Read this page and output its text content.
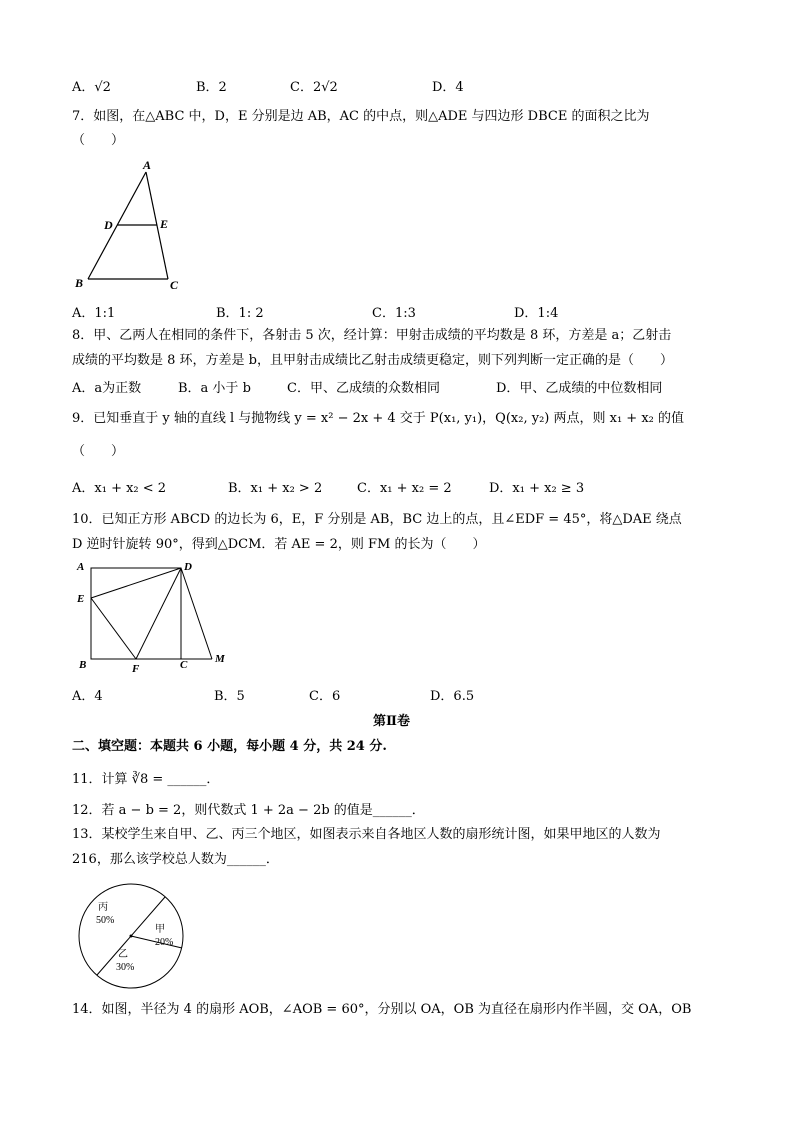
A．√2	B．2	C．2√2	D．4
7．如图，在△ABC 中，D，E 分别是边 AB，AC 的中点，则△ADE 与四边形 DBCE 的面积之比为
（　　）
A
D	E
B	C
A．1:1	B．1: 2	C．1:3	D．1:4
8．甲、乙两人在相同的条件下，各射击 5 次，经计算：甲射击成绩的平均数是 8 环，方差是 a；乙射击
成绩的平均数是 8 环，方差是 b，且甲射击成绩比乙射击成绩更稳定，则下列判断一定正确的是（　　）
A．a为正数	B．a 小于 b	C．甲、乙成绩的众数相同	D．甲、乙成绩的中位数相同
9．已知垂直于 y 轴的直线 l 与抛物线 y = x² − 2x + 4 交于 P(x₁, y₁)，Q(x₂, y₂) 两点，则 x₁ + x₂ 的值
（　　）
A．x₁ + x₂ < 2	B．x₁ + x₂ > 2	C．x₁ + x₂ = 2	D．x₁ + x₂ ≥ 3
10．已知正方形 ABCD 的边长为 6，E，F 分别是 AB，BC 边上的点，且∠EDF = 45°，将△DAE 绕点
D 逆时针旋转 90°，得到△DCM．若 AE = 2，则 FM 的长为（　　）
A	D
E
B	F	C	M
A．4	B．5	C．6	D．6.5
第Ⅱ卷
二、填空题：本题共 6 小题，每小题 4 分，共 24 分.
11．计算 ∛8 = ______．
12．若 a − b = 2，则代数式 1 + 2a − 2b 的值是______．
13．某校学生来自甲、乙、丙三个地区，如图表示来自各地区人数的扇形统计图，如果甲地区的人数为
216，那么该学校总人数为______．
丙
50%
甲
20%
乙
30%
14．如图，半径为 4 的扇形 AOB，∠AOB = 60°，分别以 OA，OB 为直径在扇形内作半圆，交 OA，OB
